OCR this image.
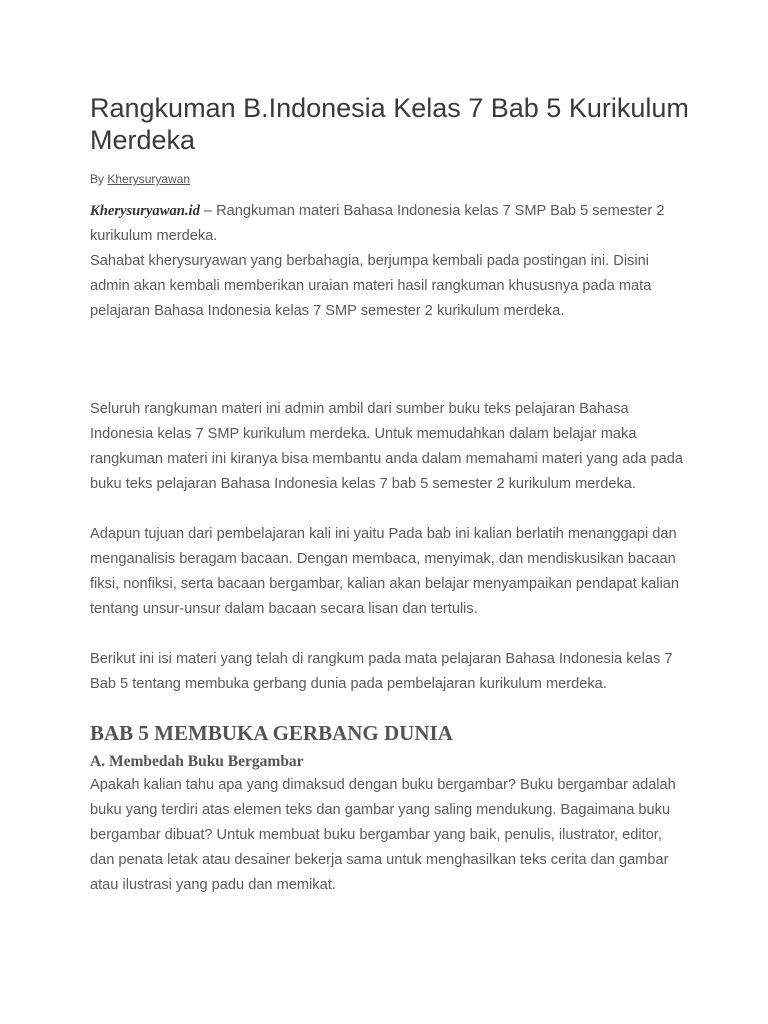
Rangkuman B.Indonesia Kelas 7 Bab 5 Kurikulum Merdeka
By Kherysuryawan

Kherysuryawan.id – Rangkuman materi Bahasa Indonesia kelas 7 SMP Bab 5 semester 2 kurikulum merdeka.
Sahabat kherysuryawan yang berbahagia, berjumpa kembali pada postingan ini. Disini admin akan kembali memberikan uraian materi hasil rangkuman khususnya pada mata pelajaran Bahasa Indonesia kelas 7 SMP semester 2 kurikulum merdeka.

Seluruh rangkuman materi ini admin ambil dari sumber buku teks pelajaran Bahasa Indonesia kelas 7 SMP kurikulum merdeka. Untuk memudahkan dalam belajar maka rangkuman materi ini kiranya bisa membantu anda dalam memahami materi yang ada pada buku teks pelajaran Bahasa Indonesia kelas 7 bab 5 semester 2 kurikulum merdeka.

Adapun tujuan dari pembelajaran kali ini yaitu Pada bab ini kalian berlatih menanggapi dan menganalisis beragam bacaan. Dengan membaca, menyimak, dan mendiskusikan bacaan fiksi, nonfiksi, serta bacaan bergambar, kalian akan belajar menyampaikan pendapat kalian tentang unsur-unsur dalam bacaan secara lisan dan tertulis.

Berikut ini isi materi yang telah di rangkum pada mata pelajaran Bahasa Indonesia kelas 7 Bab 5 tentang membuka gerbang dunia pada pembelajaran kurikulum merdeka.

BAB 5 MEMBUKA GERBANG DUNIA
A. Membedah Buku Bergambar

Apakah kalian tahu apa yang dimaksud dengan buku bergambar? Buku bergambar adalah buku yang terdiri atas elemen teks dan gambar yang saling mendukung. Bagaimana buku bergambar dibuat? Untuk membuat buku bergambar yang baik, penulis, ilustrator, editor, dan penata letak atau desainer bekerja sama untuk menghasilkan teks cerita dan gambar atau ilustrasi yang padu dan memikat.
